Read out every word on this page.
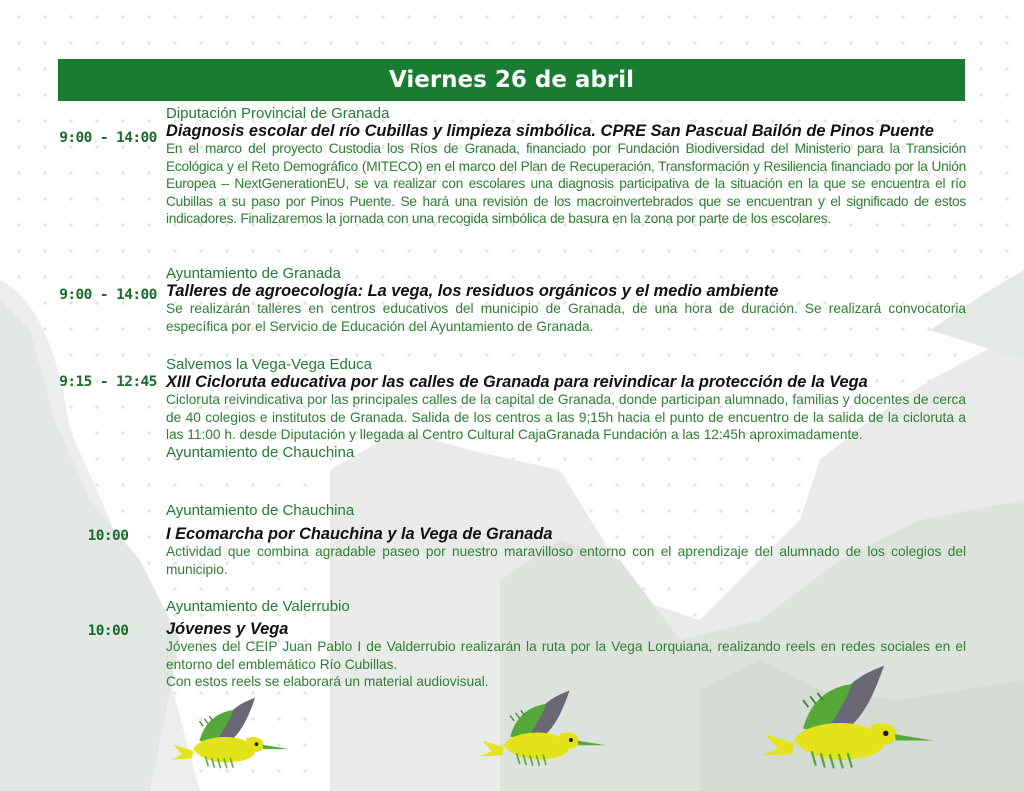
Viernes 26 de abril
9:00 - 14:00
Diputación Provincial de Granada
Diagnosis escolar del río Cubillas y limpieza simbólica. CPRE San Pascual Bailón de Pinos Puente

En el marco del proyecto Custodia los Ríos de Granada, financiado por Fundación Biodiversidad del Ministerio para la Transición Ecológica y el Reto Demográfico (MITECO) en el marco del Plan de Recuperación, Transformación y Resiliencia financiado por la Unión Europea – NextGenerationEU, se va realizar con escolares una diagnosis participativa de la situación en la que se encuentra el río Cubillas a su paso por Pinos Puente. Se hará una revisión de los macroinvertebrados que se encuentran y el significado de estos indicadores. Finalizaremos la jornada con una recogida simbólica de basura en la zona por parte de los escolares.

9:00 - 14:00
Ayuntamiento de Granada
Talleres de agroecología: La vega, los residuos orgánicos y el medio ambiente

Se realizarán talleres en centros educativos del municipio de Granada, de una hora de duración. Se realizará convocatoria específica por el Servicio de Educación del Ayuntamiento de Granada.

9:15 - 12:45
Salvemos la Vega-Vega Educa
XIII Cicloruta educativa por las calles de Granada para reivindicar la protección de la Vega

Cicloruta reivindicativa por las principales calles de la capital de Granada, donde participan alumnado, familias y docentes de cerca de 40 colegios e institutos de Granada. Salida de los centros a las 9;15h hacia el punto de encuentro de la salida de la cicloruta a las 11:00 h. desde Diputación y llegada al Centro Cultural CajaGranada Fundación a las 12:45h aproximadamente.

Ayuntamiento de Chauchina
10:00
Ayuntamiento de Chauchina
I Ecomarcha por Chauchina y la Vega de Granada

Actividad que combina agradable paseo por nuestro maravilloso entorno con el aprendizaje del alumnado de los colegios del municipio.

10:00
Ayuntamiento de Valerrubio
Jóvenes y Vega

Jóvenes del CEIP Juan Pablo I de Valderrubio realizarán la ruta por la Vega Lorquiana, realizando reels en redes sociales en el entorno del emblemático Río Cubillas.

Con estos reels se elaborará un material audiovisual.
